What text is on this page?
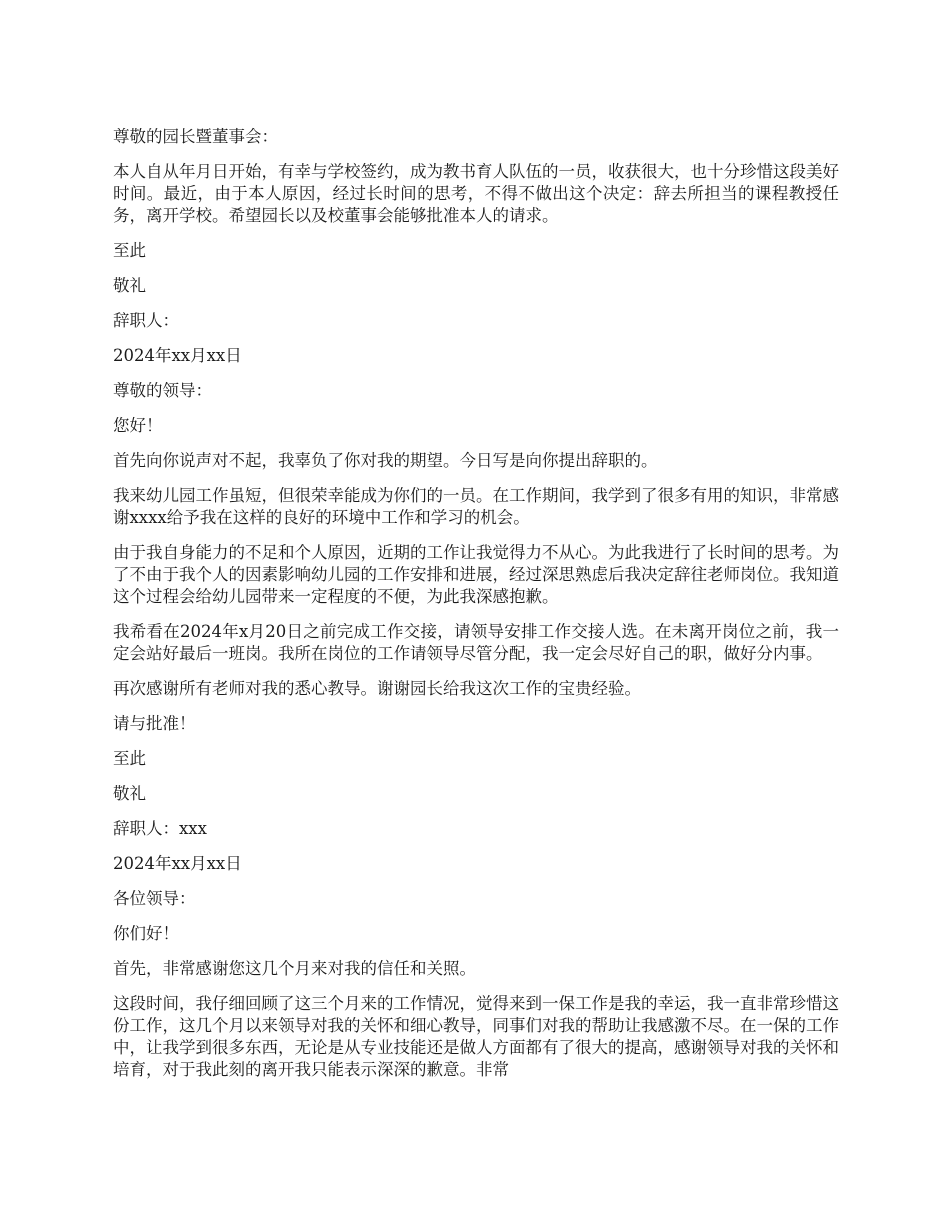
尊敬的园长暨董事会：

本人自从年月日开始，有幸与学校签约，成为教书育人队伍的一员，收获很大，也十分珍惜这段美好时间。最近，由于本人原因，经过长时间的思考，不得不做出这个决定：辞去所担当的课程教授任务，离开学校。希望园长以及校董事会能够批准本人的请求。

至此

敬礼

辞职人：

2024年xx月xx日

尊敬的领导：

您好！

首先向你说声对不起，我辜负了你对我的期望。今日写是向你提出辞职的。

我来幼儿园工作虽短，但很荣幸能成为你们的一员。在工作期间，我学到了很多有用的知识，非常感谢xxxx给予我在这样的良好的环境中工作和学习的机会。

由于我自身能力的不足和个人原因，近期的工作让我觉得力不从心。为此我进行了长时间的思考。为了不由于我个人的因素影响幼儿园的工作安排和进展，经过深思熟虑后我决定辞往老师岗位。我知道这个过程会给幼儿园带来一定程度的不便，为此我深感抱歉。

我希看在2024年x月20日之前完成工作交接，请领导安排工作交接人选。在未离开岗位之前，我一定会站好最后一班岗。我所在岗位的工作请领导尽管分配，我一定会尽好自己的职，做好分内事。

再次感谢所有老师对我的悉心教导。谢谢园长给我这次工作的宝贵经验。

请与批准！

至此

敬礼

辞职人：xxx

2024年xx月xx日

各位领导：

你们好！

首先，非常感谢您这几个月来对我的信任和关照。

这段时间，我仔细回顾了这三个月来的工作情况，觉得来到一保工作是我的幸运，我一直非常珍惜这份工作，这几个月以来领导对我的关怀和细心教导，同事们对我的帮助让我感激不尽。在一保的工作中，让我学到很多东西，无论是从专业技能还是做人方面都有了很大的提高，感谢领导对我的关怀和培育，对于我此刻的离开我只能表示深深的歉意。非常
